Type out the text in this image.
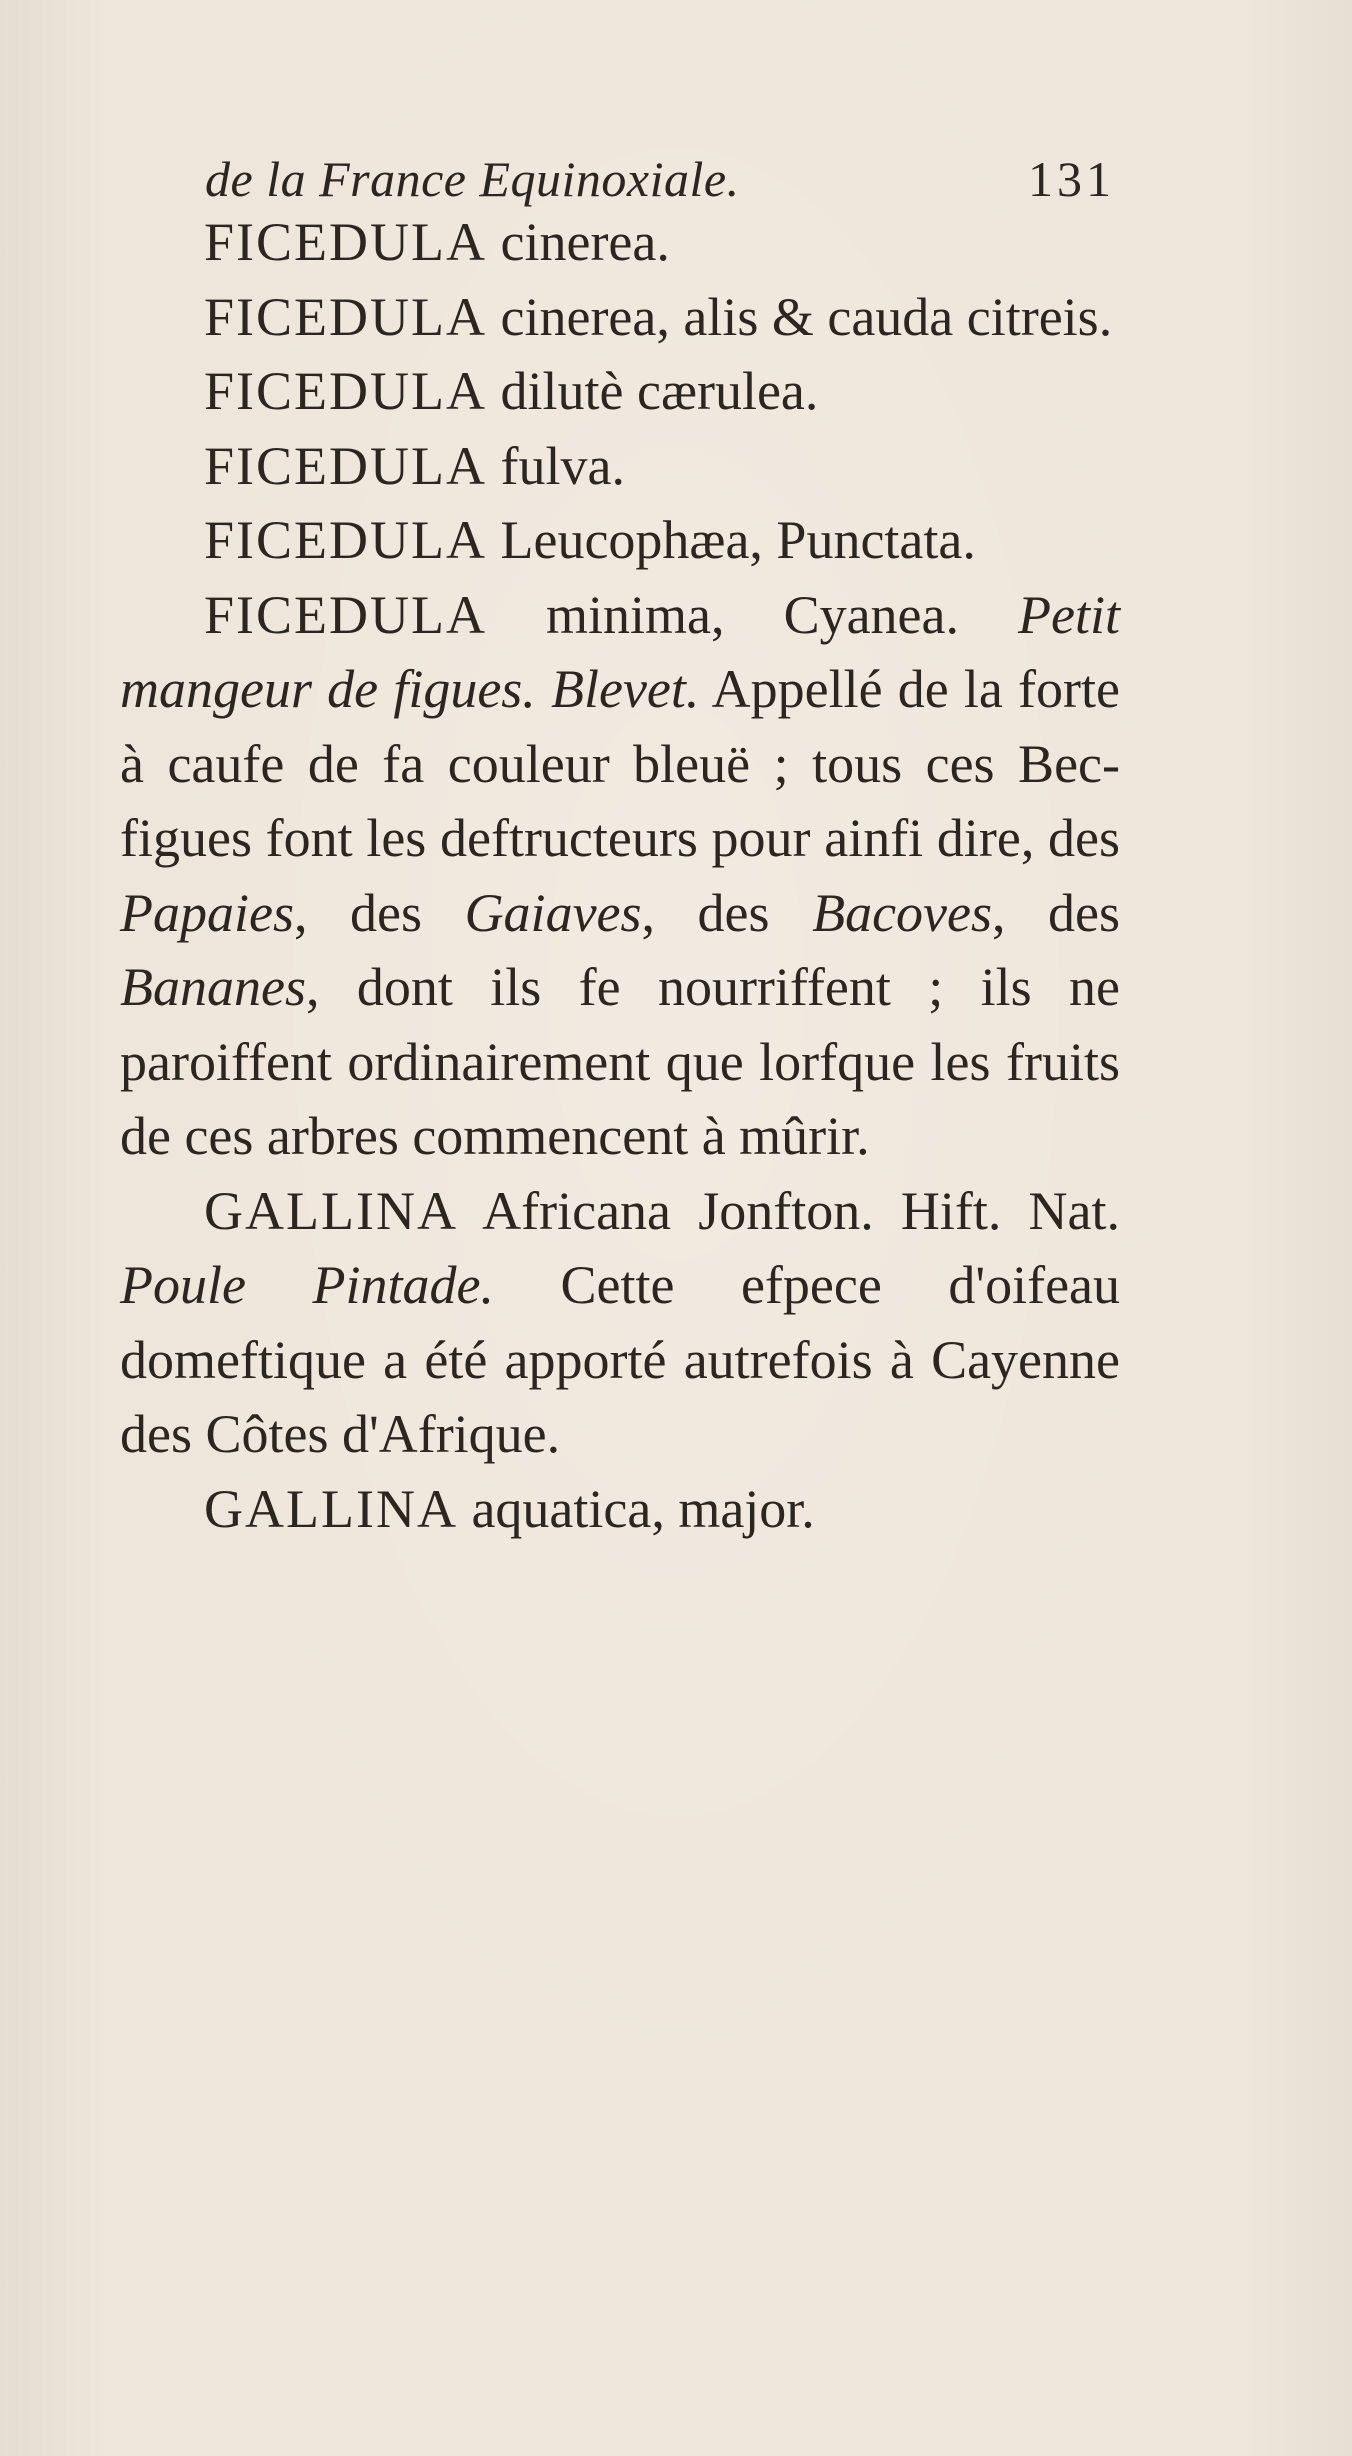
de la France Equinoxiale.	131

FICEDULA cinerea.

FICEDULA cinerea, alis & cauda citreis.

FICEDULA dilutè cærulea.

FICEDULA fulva.

FICEDULA Leucophæa, Punctata.

FICEDULA minima, Cyanea. Petit mangeur de figues. Blevet. Appellé de la forte à caufe de fa couleur bleuë ; tous ces Bec-figues font les deftructeurs pour ainfi dire, des Papaies, des Gaiaves, des Bacoves, des Bananes, dont ils fe nourriffent ; ils ne paroiffent ordinairement que lorfque les fruits de ces arbres commencent à mûrir.

GALLINA Africana Jonfton. Hift. Nat. Poule Pintade. Cette efpece d'oifeau domeftique a été apporté autrefois à Cayenne des Côtes d'Afrique.

GALLINA aquatica, major.
